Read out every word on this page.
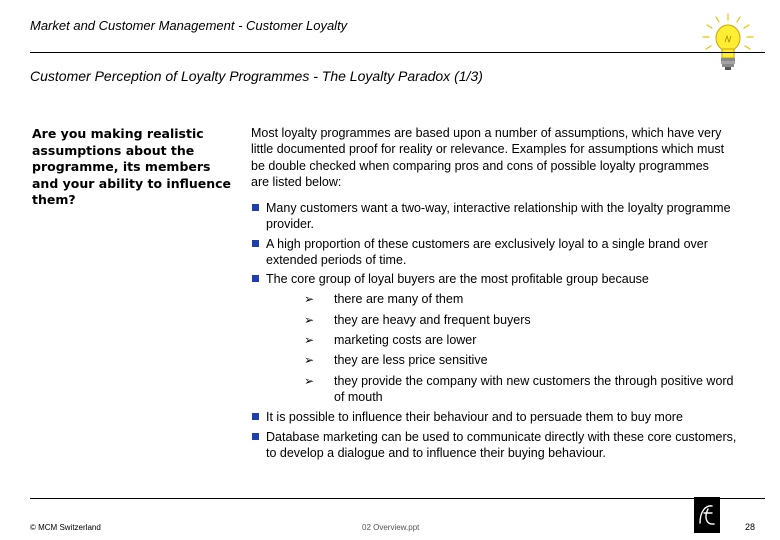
Market and Customer Management - Customer Loyalty
Customer Perception of Loyalty Programmes - The Loyalty Paradox (1/3)
Are you making realistic assumptions about the programme, its members and your ability to influence them?
Most loyalty programmes are based upon a number of assumptions, which have very little documented proof for reality or relevance. Examples for assumptions which must be double checked when comparing pros and cons of possible loyalty programmes are listed below:
Many customers want a two-way, interactive relationship with the loyalty programme provider.
A high proportion of these customers are exclusively loyal to a single brand over extended periods of time.
The core group of loyal buyers are the most profitable group because
➢ there are many of them
➢ they are heavy and frequent buyers
➢ marketing costs are lower
➢ they are less price sensitive
➢ they provide the company with new customers the through positive word of mouth
It is possible to influence their behaviour and to persuade them to buy more
Database marketing can be used to communicate directly with these core customers, to develop a dialogue and to influence their buying behaviour.
© MCM Switzerland	02 Overview.ppt	28
